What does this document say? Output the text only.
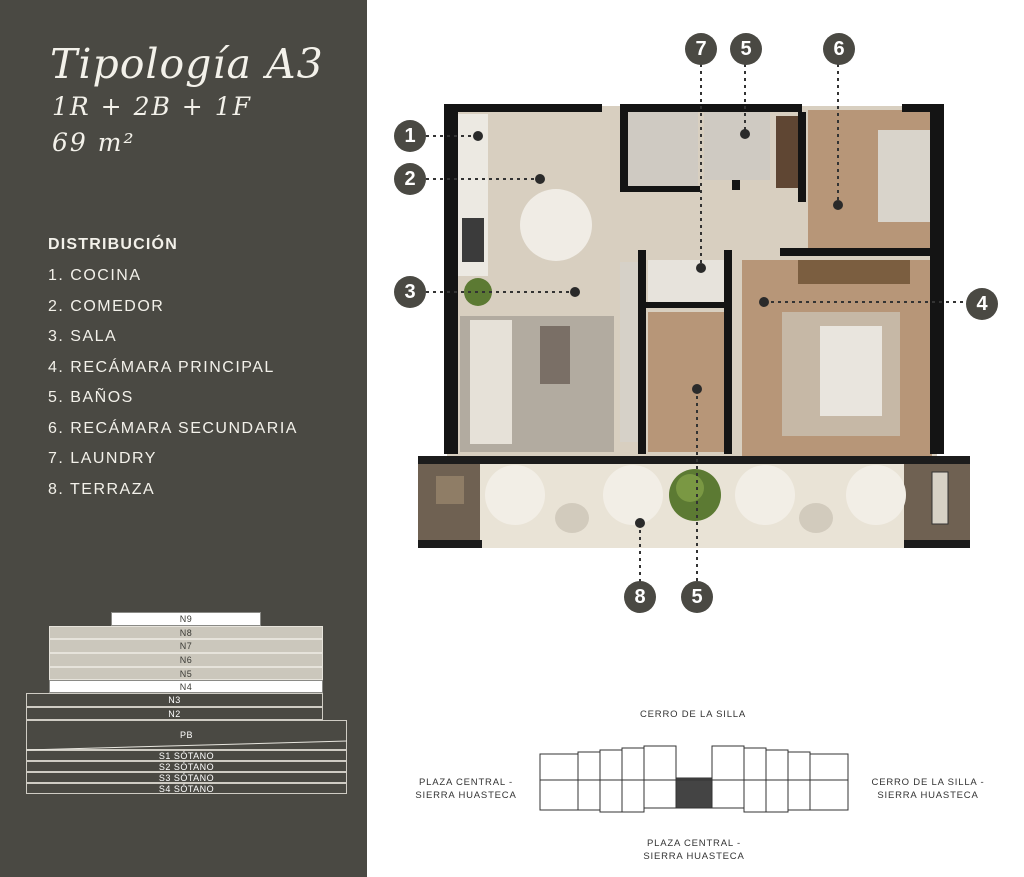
Tipología A3
1R + 2B + 1F
69 m²
DISTRIBUCIÓN
1. COCINA
2. COMEDOR
3. SALA
4. RECÁMARA PRINCIPAL
5. BAÑOS
6. RECÁMARA SECUNDARIA
7. LAUNDRY
8. TERRAZA
N9
N8
N7
N6
N5
N4
N3
N2
PB
S1 SÓTANO
S2 SÓTANO
S3 SÓTANO
S4 SÓTANO
1
2
3
4
5	6
7
8	5
CERRO DE LA SILLA
PLAZA CENTRAL -
SIERRA HUASTECA
CERRO DE LA SILLA -
SIERRA HUASTECA
PLAZA CENTRAL -
SIERRA HUASTECA
